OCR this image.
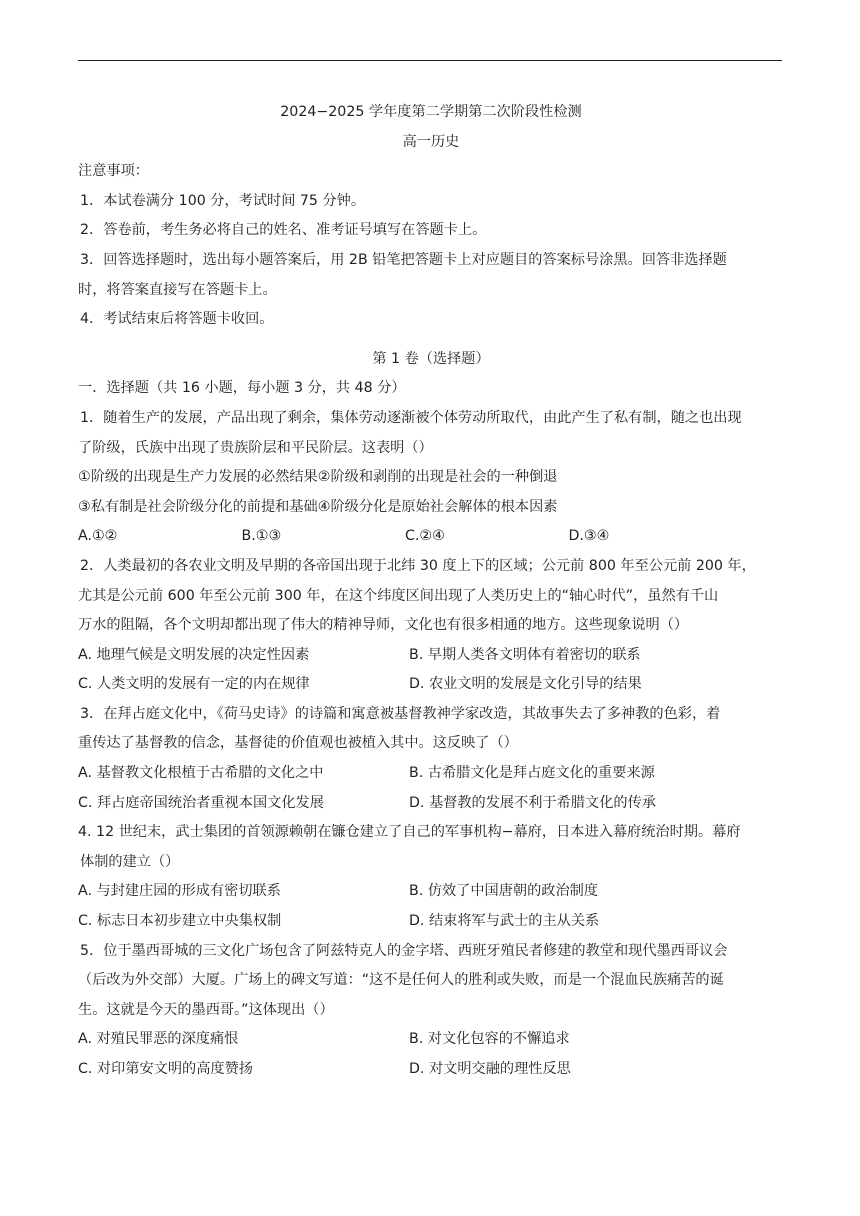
2024−2025 学年度第二学期第二次阶段性检测
高一历史
注意事项：
1．本试卷满分 100 分，考试时间 75 分钟。
2．答卷前，考生务必将自己的姓名、准考证号填写在答题卡上。
3．回答选择题时，选出每小题答案后，用 2B 铅笔把答题卡上对应题目的答案标号涂黑。回答非选择题
时，将答案直接写在答题卡上。
4．考试结束后将答题卡收回。
第 1 卷（选择题）
一．选择题（共 16 小题，每小题 3 分，共 48 分）
1．随着生产的发展，产品出现了剩余，集体劳动逐渐被个体劳动所取代，由此产生了私有制，随之也出现
了阶级，氏族中出现了贵族阶层和平民阶层。这表明（）
①阶级的出现是生产力发展的必然结果②阶级和剥削的出现是社会的一种倒退
③私有制是社会阶级分化的前提和基础④阶级分化是原始社会解体的根本因素
A.①②	B.①③	C.②④	D.③④
2．人类最初的各农业文明及早期的各帝国出现于北纬 30 度上下的区域；公元前 800 年至公元前 200 年，
尤其是公元前 600 年至公元前 300 年，在这个纬度区间出现了人类历史上的“轴心时代”，虽然有千山
万水的阻隔，各个文明却都出现了伟大的精神导师，文化也有很多相通的地方。这些现象说明（）
A. 地理气候是文明发展的决定性因素	B. 早期人类各文明体有着密切的联系
C. 人类文明的发展有一定的内在规律	D. 农业文明的发展是文化引导的结果
3．在拜占庭文化中，《荷马史诗》的诗篇和寓意被基督教神学家改造，其故事失去了多神教的色彩，着
重传达了基督教的信念，基督徒的价值观也被植入其中。这反映了（）
A. 基督教文化根植于古希腊的文化之中	B. 古希腊文化是拜占庭文化的重要来源
C. 拜占庭帝国统治者重视本国文化发展	D. 基督教的发展不利于希腊文化的传承
4. 12 世纪末，武士集团的首领源赖朝在镰仓建立了自己的军事机构−幕府，日本进入幕府统治时期。幕府
体制的建立（）
A. 与封建庄园的形成有密切联系	B. 仿效了中国唐朝的政治制度
C. 标志日本初步建立中央集权制	D. 结束将军与武士的主从关系
5．位于墨西哥城的三文化广场包含了阿兹特克人的金字塔、西班牙殖民者修建的教堂和现代墨西哥议会
（后改为外交部）大厦。广场上的碑文写道：“这不是任何人的胜利或失败，而是一个混血民族痛苦的诞
生。这就是今天的墨西哥。”这体现出（）
A. 对殖民罪恶的深度痛恨	B. 对文化包容的不懈追求
C. 对印第安文明的高度赞扬	D. 对文明交融的理性反思
